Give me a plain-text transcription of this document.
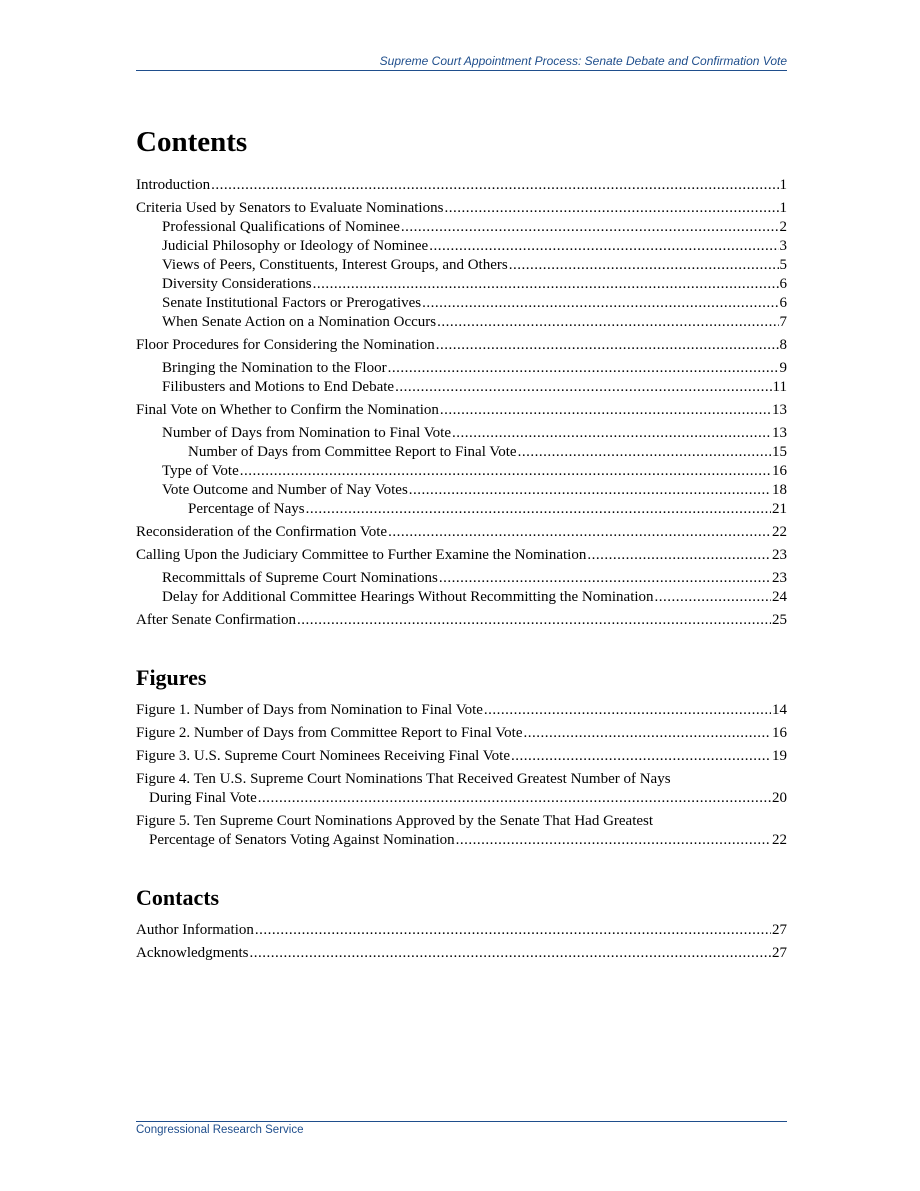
Supreme Court Appointment Process: Senate Debate and Confirmation Vote
Contents
Introduction .....	1
Criteria Used by Senators to Evaluate Nominations .....	1
Professional Qualifications of Nominee .....	2
Judicial Philosophy or Ideology of Nominee .....	3
Views of Peers, Constituents, Interest Groups, and Others .....	5
Diversity Considerations .....	6
Senate Institutional Factors or Prerogatives .....	6
When Senate Action on a Nomination Occurs .....	7
Floor Procedures for Considering the Nomination .....	8
Bringing the Nomination to the Floor .....	9
Filibusters and Motions to End Debate .....	11
Final Vote on Whether to Confirm the Nomination .....	13
Number of Days from Nomination to Final Vote .....	13
Number of Days from Committee Report to Final Vote .....	15
Type of Vote .....	16
Vote Outcome and Number of Nay Votes .....	18
Percentage of Nays .....	21
Reconsideration of the Confirmation Vote .....	22
Calling Upon the Judiciary Committee to Further Examine the Nomination .....	23
Recommittals of Supreme Court Nominations .....	23
Delay for Additional Committee Hearings Without Recommitting the Nomination .....	24
After Senate Confirmation .....	25
Figures
Figure 1. Number of Days from Nomination to Final Vote .....	14
Figure 2. Number of Days from Committee Report to Final Vote .....	16
Figure 3. U.S. Supreme Court Nominees Receiving Final Vote .....	19
Figure 4. Ten U.S. Supreme Court Nominations That Received Greatest Number of Nays
During Final Vote .....	20
Figure 5. Ten Supreme Court Nominations Approved by the Senate That Had Greatest
Percentage of Senators Voting Against Nomination .....	22
Contacts
Author Information .....	27
Acknowledgments .....	27
Congressional Research Service
